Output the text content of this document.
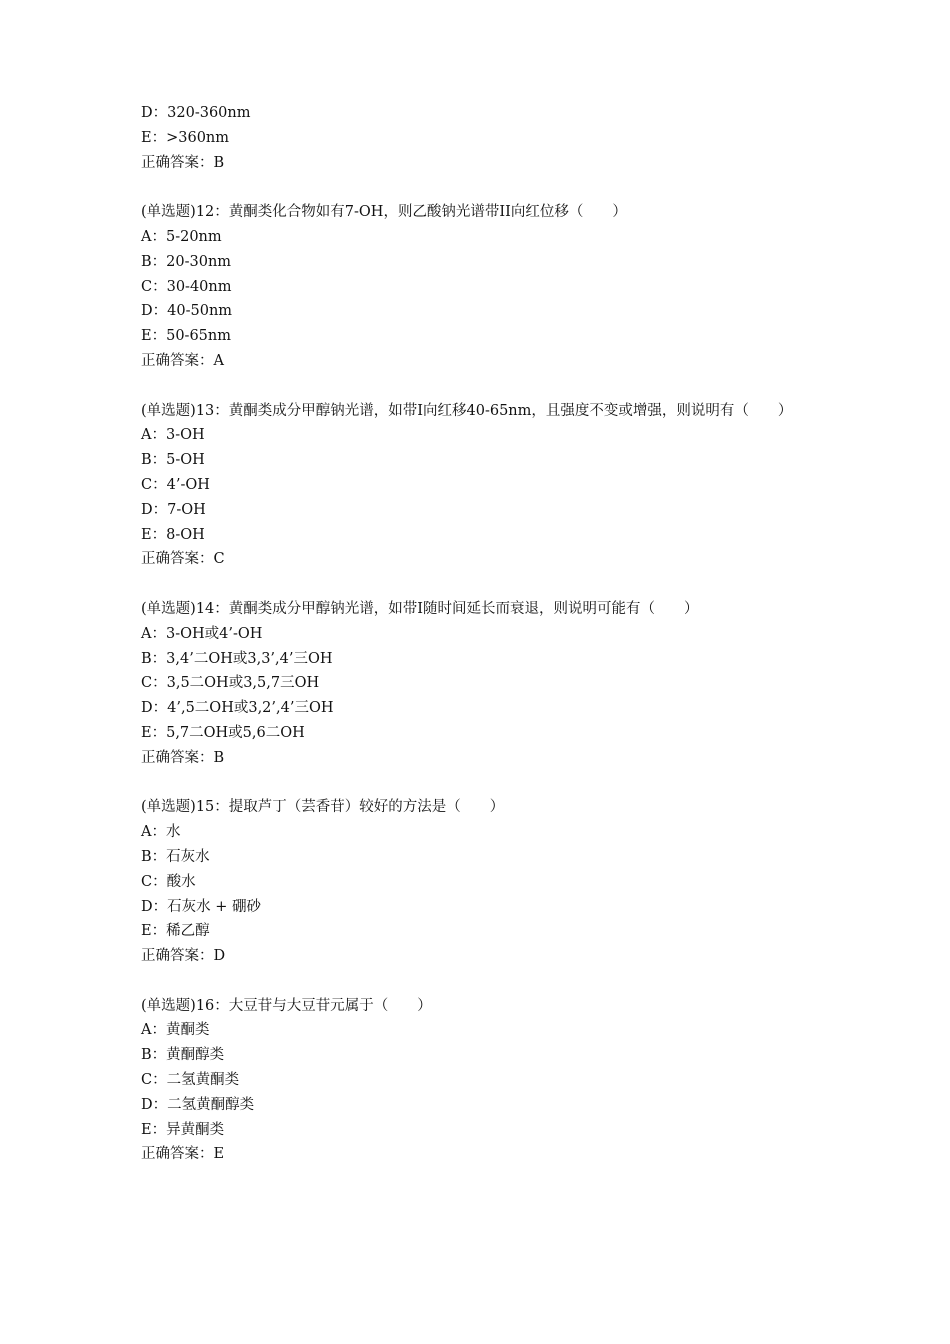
D：320-360nm
E：>360nm
正确答案：B
(单选题)12：黄酮类化合物如有7-OH，则乙酸钠光谱带II向红位移（　　）
A：5-20nm
B：20-30nm
C：30-40nm
D：40-50nm
E：50-65nm
正确答案：A
(单选题)13：黄酮类成分甲醇钠光谱，如带Ⅰ向红移40-65nm，且强度不变或增强，则说明有（　　）
A：3-OH
B：5-OH
C：4’-OH
D：7-OH
E：8-OH
正确答案：C
(单选题)14：黄酮类成分甲醇钠光谱，如带Ⅰ随时间延长而衰退，则说明可能有（　　）
A：3-OH或4’-OH
B：3,4’二OH或3,3’,4’三OH
C：3,5二OH或3,5,7三OH
D：4’,5二OH或3,2’,4’三OH
E：5,7二OH或5,6二OH
正确答案：B
(单选题)15：提取芦丁（芸香苷）较好的方法是（　　）
A：水
B：石灰水
C：酸水
D：石灰水 + 硼砂
E：稀乙醇
正确答案：D
(单选题)16：大豆苷与大豆苷元属于（　　）
A：黄酮类
B：黄酮醇类
C：二氢黄酮类
D：二氢黄酮醇类
E：异黄酮类
正确答案：E
